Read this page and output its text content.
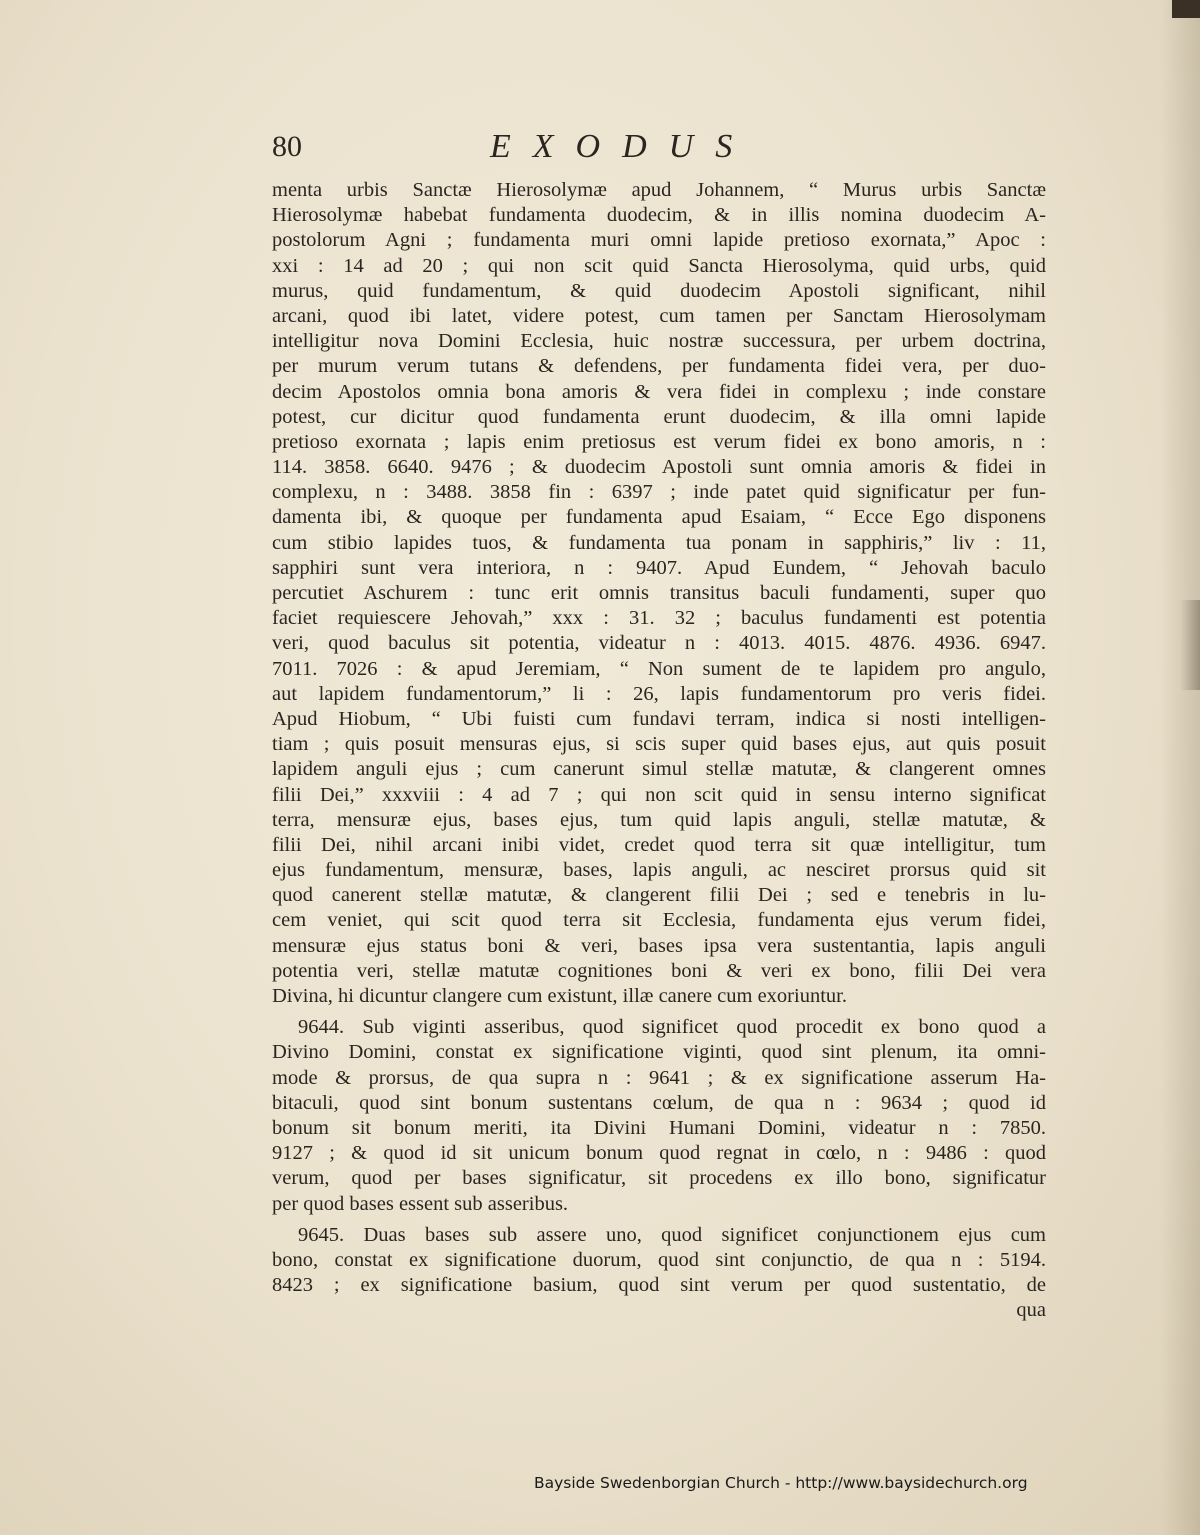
80	EXODUS
menta urbis Sanctæ Hierosolymæ apud Johannem, “ Murus urbis Sanctæ
Hierosolymæ habebat fundamenta duodecim, & in illis nomina duodecim A-
postolorum Agni ; fundamenta muri omni lapide pretioso exornata,” Apoc :
xxi : 14 ad 20 ; qui non scit quid Sancta Hierosolyma, quid urbs, quid
murus, quid fundamentum, & quid duodecim Apostoli significant, nihil
arcani, quod ibi latet, videre potest, cum tamen per Sanctam Hierosolymam
intelligitur nova Domini Ecclesia, huic nostræ successura, per urbem doctrina,
per murum verum tutans & defendens, per fundamenta fidei vera, per duo-
decim Apostolos omnia bona amoris & vera fidei in complexu ; inde constare
potest, cur dicitur quod fundamenta erunt duodecim, & illa omni lapide
pretioso exornata ; lapis enim pretiosus est verum fidei ex bono amoris, n :
114. 3858. 6640. 9476 ; & duodecim Apostoli sunt omnia amoris & fidei in
complexu, n : 3488. 3858 fin : 6397 ; inde patet quid significatur per fun-
damenta ibi, & quoque per fundamenta apud Esaiam, “ Ecce Ego disponens
cum stibio lapides tuos, & fundamenta tua ponam in sapphiris,” liv : 11,
sapphiri sunt vera interiora, n : 9407. Apud Eundem, “ Jehovah baculo
percutiet Aschurem : tunc erit omnis transitus baculi fundamenti, super quo
faciet requiescere Jehovah,” xxx : 31. 32 ; baculus fundamenti est potentia
veri, quod baculus sit potentia, videatur n : 4013. 4015. 4876. 4936. 6947.
7011. 7026 : & apud Jeremiam, “ Non sument de te lapidem pro angulo,
aut lapidem fundamentorum,” li : 26, lapis fundamentorum pro veris fidei.
Apud Hiobum, “ Ubi fuisti cum fundavi terram, indica si nosti intelligen-
tiam ; quis posuit mensuras ejus, si scis super quid bases ejus, aut quis posuit
lapidem anguli ejus ; cum canerunt simul stellæ matutæ, & clangerent omnes
filii Dei,” xxxviii : 4 ad 7 ; qui non scit quid in sensu interno significat
terra, mensuræ ejus, bases ejus, tum quid lapis anguli, stellæ matutæ, &
filii Dei, nihil arcani inibi videt, credet quod terra sit quæ intelligitur, tum
ejus fundamentum, mensuræ, bases, lapis anguli, ac nesciret prorsus quid sit
quod canerent stellæ matutæ, & clangerent filii Dei ; sed e tenebris in lu-
cem veniet, qui scit quod terra sit Ecclesia, fundamenta ejus verum fidei,
mensuræ ejus status boni & veri, bases ipsa vera sustentantia, lapis anguli
potentia veri, stellæ matutæ cognitiones boni & veri ex bono, filii Dei vera
Divina, hi dicuntur clangere cum existunt, illæ canere cum exoriuntur.
9644. Sub viginti asseribus, quod significet quod procedit ex bono quod a
Divino Domini, constat ex significatione viginti, quod sint plenum, ita omni-
mode & prorsus, de qua supra n : 9641 ; & ex significatione asserum Ha-
bitaculi, quod sint bonum sustentans cœlum, de qua n : 9634 ; quod id
bonum sit bonum meriti, ita Divini Humani Domini, videatur n : 7850.
9127 ; & quod id sit unicum bonum quod regnat in cœlo, n : 9486 : quod
verum, quod per bases significatur, sit procedens ex illo bono, significatur
per quod bases essent sub asseribus.
9645. Duas bases sub assere uno, quod significet conjunctionem ejus cum
bono, constat ex significatione duorum, quod sint conjunctio, de qua n : 5194.
8423 ; ex significatione basium, quod sint verum per quod sustentatio, de
qua
Bayside Swedenborgian Church - http://www.baysidechurch.org
